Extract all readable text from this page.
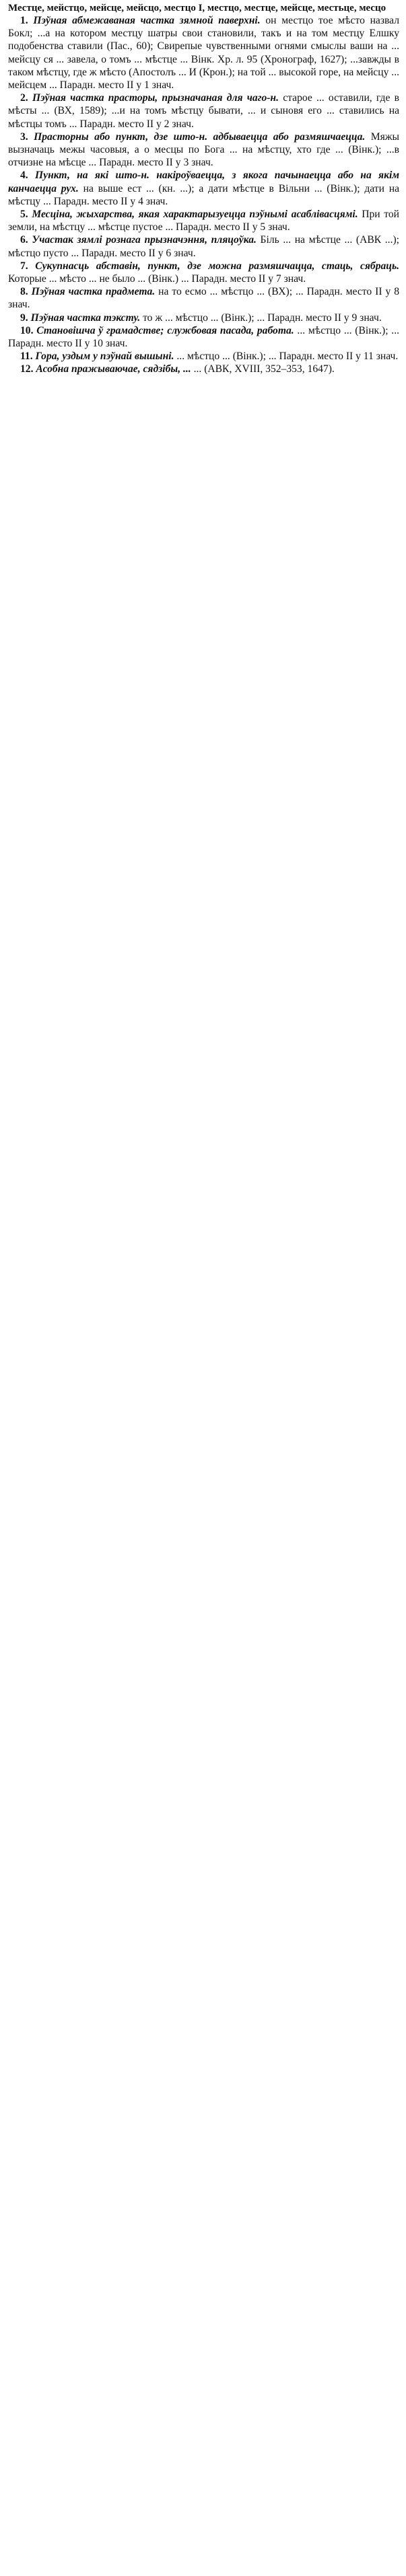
Местце, мейстцо, мейсце, мейсцо, местцо I, местцо, местце, мейсце, местьце, месцо

1. Пэўная абмежаваная частка зямной паверхні. он местцо тое мѣсто назвал Бокл; ...а на котором местцу шатры свои становили, такъ и на том местцу Елшку подобенства ставили (Пас., 60); Свирепые чувственными огнями смыслы ваши на ... мейсцу ся ... завела, о томъ ... мѣстце ... Вінк. Хр. л. 95 (Хронограф, 1627); ...завжды в таком мѣстцу, где ж мѣсто (Апостолъ ... И (Крон.); на той ... высокой горе, на мейсцу ... мейсцем ... Парадн. место II у 1 знач.

2. Пэўная частка прасторы, прызначаная для чаго-н. старое ... оставили, где в мѣсты ... (ВХ, 1589); ...и на томъ мѣстцу бывати, ... и сыновя его ... ставились на мѣстцы томъ ... Парадн. место II у 2 знач.

3. Прасторны або пункт, дзе што-н. адбываецца або размяшчаецца. Мяжы вызначаць межы часовыя, а о месцы по Бога ... на мѣстцу, хто где ... (Вінк.); ...в отчизне на мѣсце ... Парадн. место II у 3 знач.

4. Пункт, на які што-н. накіроўваецца, з якога пачынаецца або на якім канчаецца рух. на выше ест ... (кн. ...); а дати мѣстце в Вільни ... (Вінк.); дати на мѣстцу ... Парадн. место II у 4 знач.

5. Месціна, жыхарства, якая характарызуецца пэўнымі асаблівасцямі. При той земли, на мѣстцу ... мѣстце пустое ... Парадн. место II у 5 знач.

6. Участак зямлі рознага прызначэння, пляцоўка. Біль ... на мѣстце ... (АВК ...); мѣстцо пусто ... Парадн. место II у 6 знач.

7. Сукупнасць абставін, пункт, дзе можна размяшчацца, стаць, сябраць. Которые ... мѣсто ... не было ... (Вінк.) ... Парадн. место II у 7 знач.

8. Пэўная частка прадмета. на то есмо ... мѣстцо ... (ВХ); ... Парадн. место II у 8 знач.

9. Пэўная частка тэксту. то ж ... мѣстцо ... (Вінк.); ... Парадн. место II у 9 знач.

10. Становішча ў грамадстве; службовая пасада, работа. ... мѣстцо ... (Вінк.); ... Парадн. место II у 10 знач.

11. Гора, уздым у пэўнай вышыні. ... мѣстцо ... (Вінк.); ... Парадн. место II у 11 знач.

12. Асобна пражываючае, сядзібы, ... ... (АВК, XVIII, 352–353, 1647).
